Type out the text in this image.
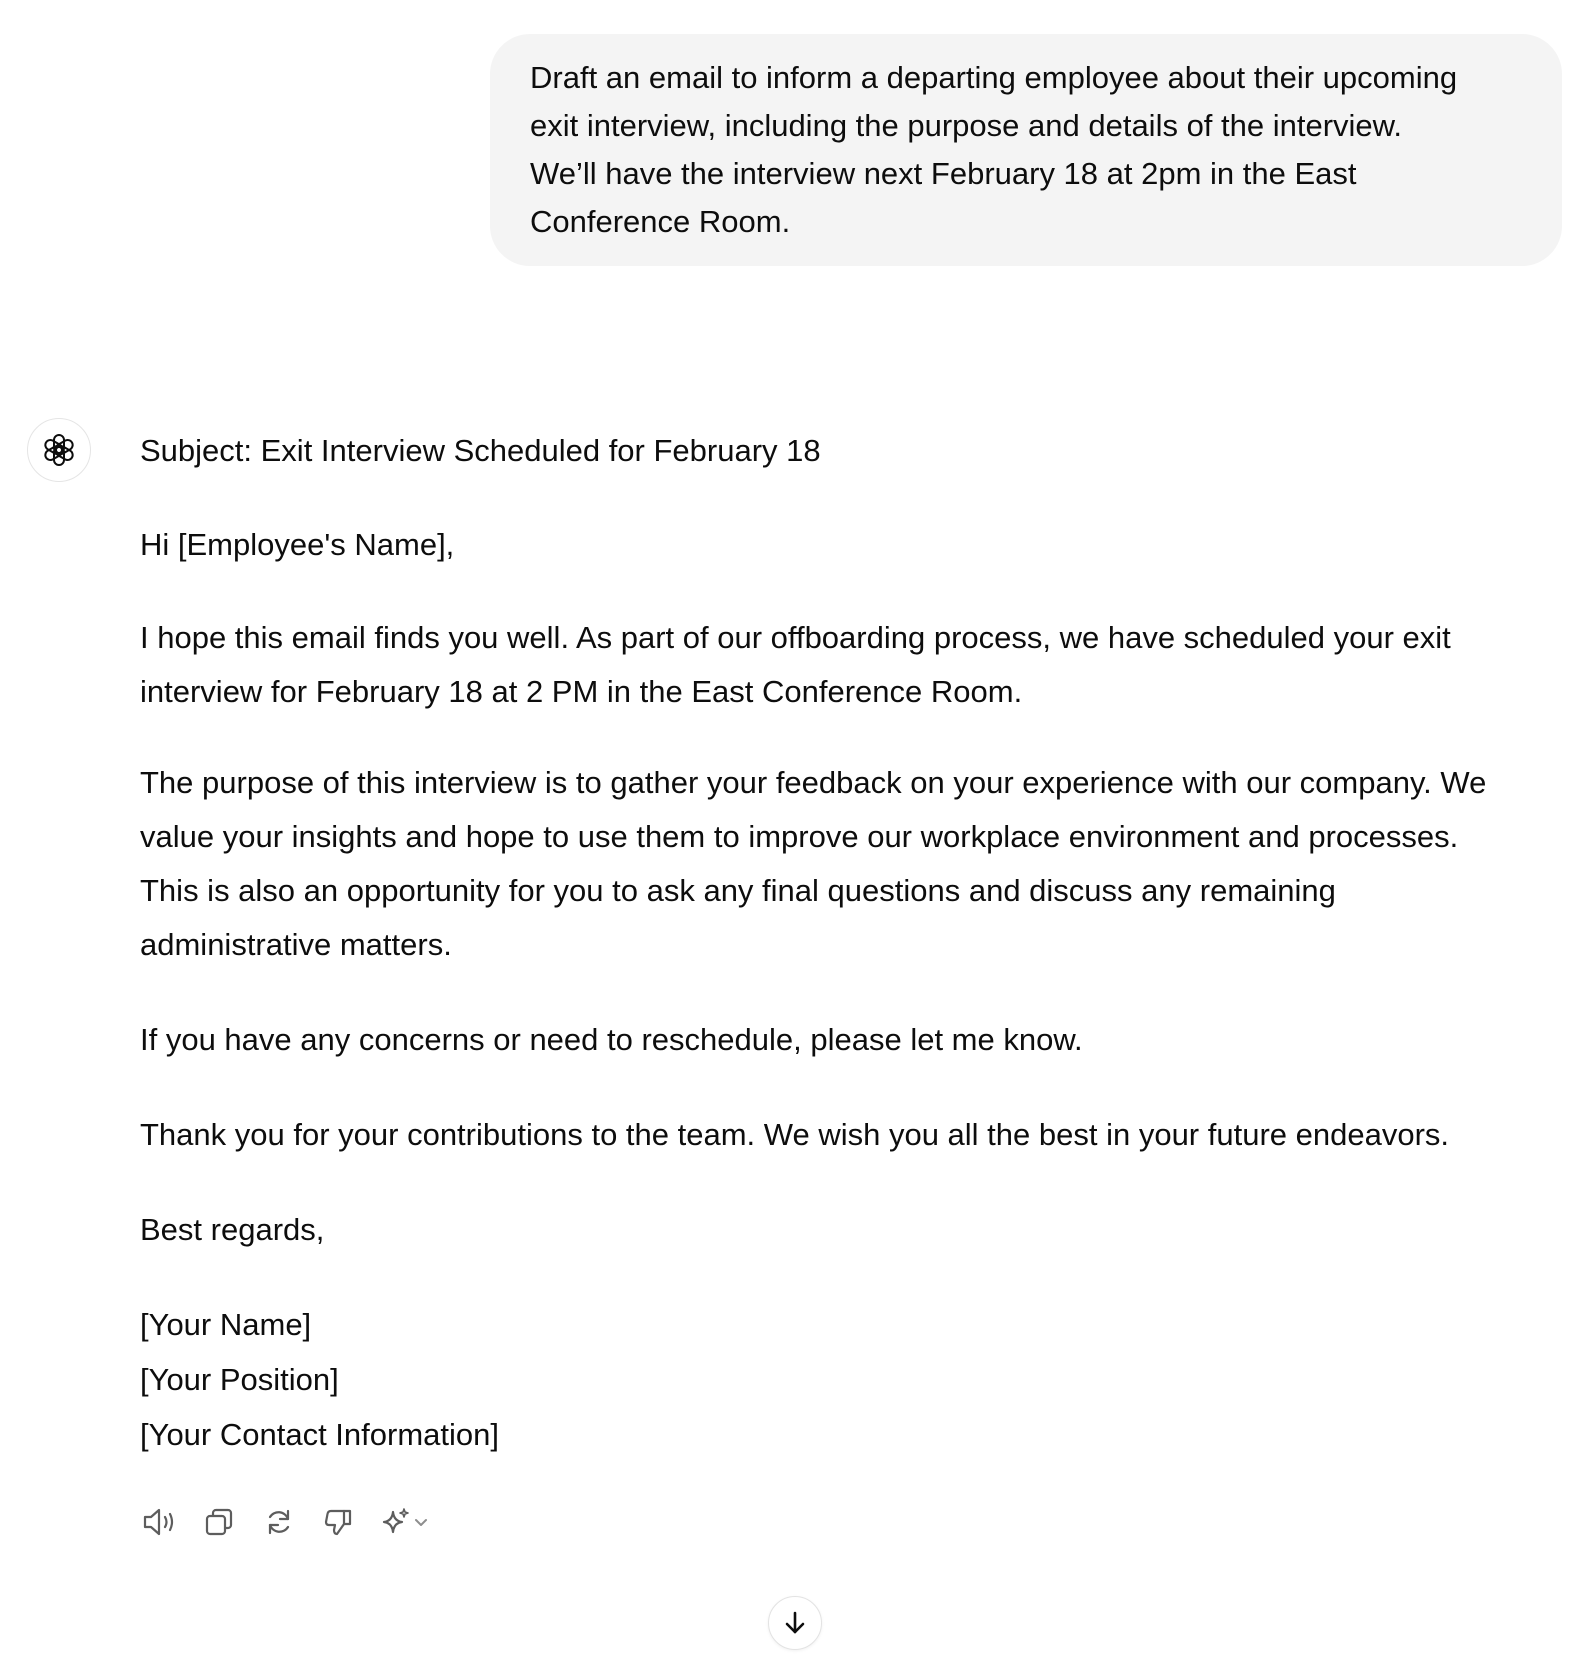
Draft an email to inform a departing employee about their upcoming

exit interview, including the purpose and details of the interview.

We’ll have the interview next February 18 at 2pm in the East

Conference Room.

Subject: Exit Interview Scheduled for February 18
Hi [Employee's Name],
I hope this email finds you well. As part of our offboarding process, we have scheduled your exit
interview for February 18 at 2 PM in the East Conference Room.
The purpose of this interview is to gather your feedback on your experience with our company. We
value your insights and hope to use them to improve our workplace environment and processes.
This is also an opportunity for you to ask any final questions and discuss any remaining
administrative matters.
If you have any concerns or need to reschedule, please let me know.
Thank you for your contributions to the team. We wish you all the best in your future endeavors.
Best regards,
[Your Name]
[Your Position]
[Your Contact Information]
